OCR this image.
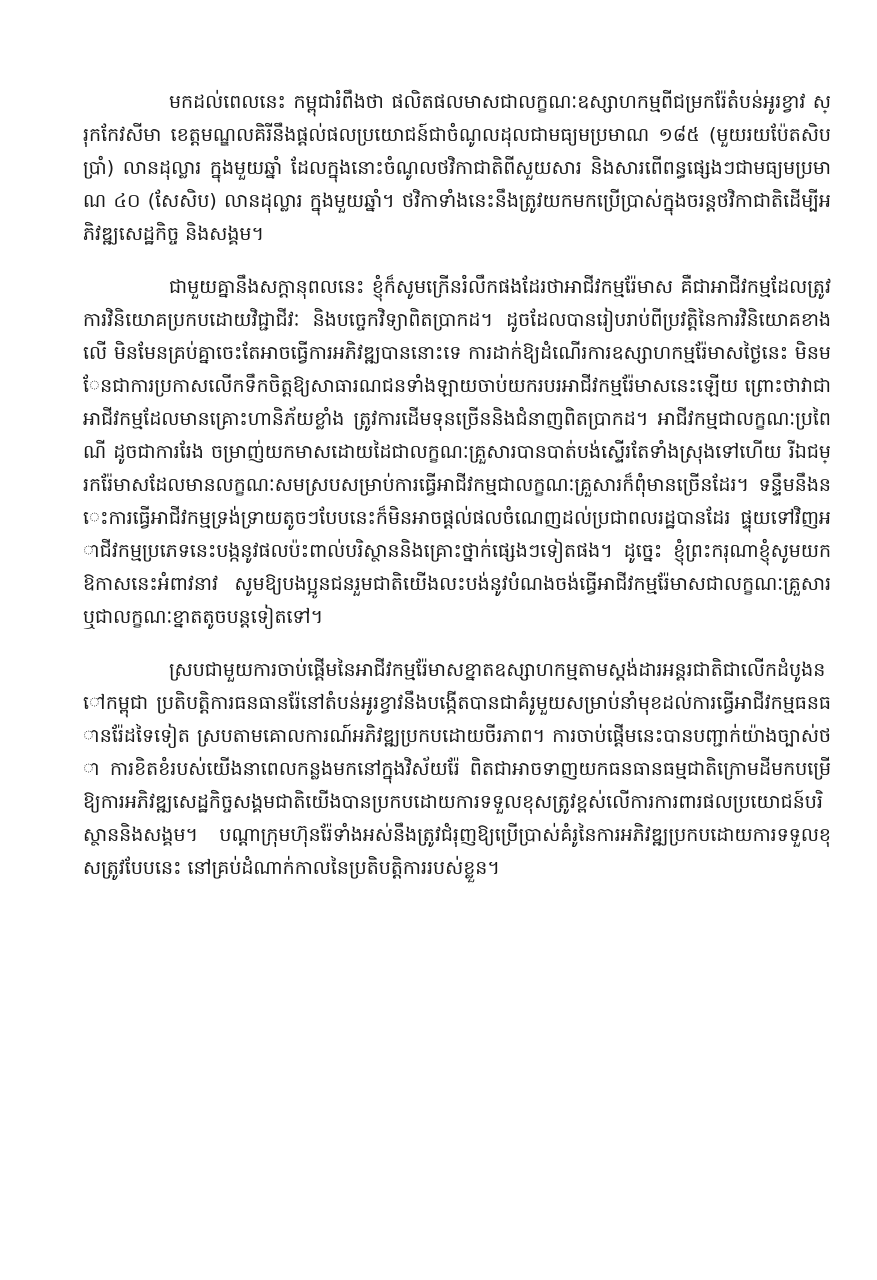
មកដល់ពេលនេះ កម្ពុជារំពឹងថា ផលិតផលមាសជាលក្ខណៈឧស្សាហកម្មពីជម្រករ៉ែតំបន់អូរខ្វាវ ស្រុកកែវសីមា ខេត្តមណ្ឌលគិរីនឹងផ្តល់ផលប្រយោជន៍ជាចំណូលដុលជាមធ្យមប្រមាណ ១៨៥ (មួយរយប៉ែតសិបប្រាំ) លានដុល្លារ ក្នុងមួយឆ្នាំ ដែលក្នុងនោះចំណូលថវិកាជាតិពីសួយសារ និងសារពើពន្ធផ្សេងៗជាមធ្យមប្រមាណ ៤០ (សែសិប) លានដុល្លារ ក្នុងមួយឆ្នាំ។ ថវិកាទាំងនេះនឹងត្រូវយកមកប្រើប្រាស់ក្នុងចរន្តថវិកាជាតិដើម្បីអភិវឌ្ឍសេដ្ឋកិច្ច និងសង្គម។

ជាមួយគ្នានឹងសក្តានុពលនេះ ខ្ញុំក៏សូមក្រើនរំលឹកផងដែរថាអាជីវកម្មរ៉ែមាស គឺជាអាជីវកម្មដែលត្រូវការវិនិយោគប្រកបដោយវិជ្ជាជីវៈ និងបច្ចេកវិទ្យាពិតប្រាកដ។ ដូចដែលបានរៀបរាប់ពីប្រវត្តិនៃការវិនិយោគខាងលើ មិនមែនគ្រប់គ្នាចេះតែអាចធ្វើការអភិវឌ្ឍបាននោះទេ ការដាក់ឱ្យដំណើរការឧស្សាហកម្មរ៉ែមាសថ្ងៃនេះ មិនមែនជាការប្រកាសលើកទឹកចិត្តឱ្យសាធារណជនទាំងឡាយចាប់យករបរអាជីវកម្មរ៉ែមាសនេះឡើយ ព្រោះថាវាជាអាជីវកម្មដែលមានគ្រោះហានិភ័យខ្លាំង ត្រូវការដើមទុនច្រើននិងជំនាញពិតប្រាកដ។ អាជីវកម្មជាលក្ខណៈប្រពៃណី ដូចជាការរែង ចម្រាញ់យកមាសដោយដៃជាលក្ខណៈគ្រួសារបានបាត់បង់ស្ទើរតែទាំងស្រុងទៅហើយ រីឯជម្រករ៉ែមាសដែលមានលក្ខណៈសមស្របសម្រាប់ការធ្វើអាជីវកម្មជាលក្ខណៈគ្រួសារក៏ពុំមានច្រើនដែរ។ ទន្ទឹមនឹងនេះការធ្វើអាជីវកម្មទ្រង់ទ្រាយតូចៗបែបនេះក៏មិនអាចផ្តល់ផលចំណេញដល់ប្រជាពលរដ្ឋបានដែរ ផ្ទុយទៅវិញអាជីវកម្មប្រភេទនេះបង្កនូវផលប៉ះពាល់បរិស្ថាននិងគ្រោះថ្នាក់ផ្សេងៗទៀតផង។ ដូច្នេះ ខ្ញុំព្រះករុណាខ្ញុំសូមយកឱកាសនេះអំពាវនាវ សូមឱ្យបងប្អូនជនរួមជាតិយើងលះបង់នូវបំណងចង់ធ្វើអាជីវកម្មរ៉ែមាសជាលក្ខណៈគ្រួសារឬជាលក្ខណៈខ្នាតតូចបន្តទៀតទៅ។

ស្របជាមួយការចាប់ផ្តើមនៃអាជីវកម្មរ៉ែមាសខ្នាតឧស្សាហកម្មតាមស្តង់ដារអន្តរជាតិជាលើកដំបូងនៅកម្ពុជា ប្រតិបត្តិការធនធានរ៉ែនៅតំបន់អូរខ្វាវនឹងបង្កើតបានជាគំរូមួយសម្រាប់នាំមុខដល់ការធ្វើអាជីវកម្មធនធានរ៉ែដទៃទៀត ស្របតាមគោលការណ៍អភិវឌ្ឍប្រកបដោយចីរភាព។ ការចាប់ផ្តើមនេះបានបញ្ជាក់យ៉ាងច្បាស់ថា ការខិតខំរបស់យើងនាពេលកន្លងមកនៅក្នុងវិស័យរ៉ែ ពិតជាអាចទាញយកធនធានធម្មជាតិក្រោមដីមកបម្រើឱ្យការអភិវឌ្ឍសេដ្ឋកិច្ចសង្គមជាតិយើងបានប្រកបដោយការទទួលខុសត្រូវខ្ពស់លើការការពារផលប្រយោជន៍បរិស្ថាននិងសង្គម។ បណ្តាក្រុមហ៊ុនរ៉ែទាំងអស់នឹងត្រូវជំរុញឱ្យប្រើប្រាស់គំរូនៃការអភិវឌ្ឍប្រកបដោយការទទួលខុសត្រូវបែបនេះ នៅគ្រប់ដំណាក់កាលនៃប្រតិបត្តិការរបស់ខ្លួន។
